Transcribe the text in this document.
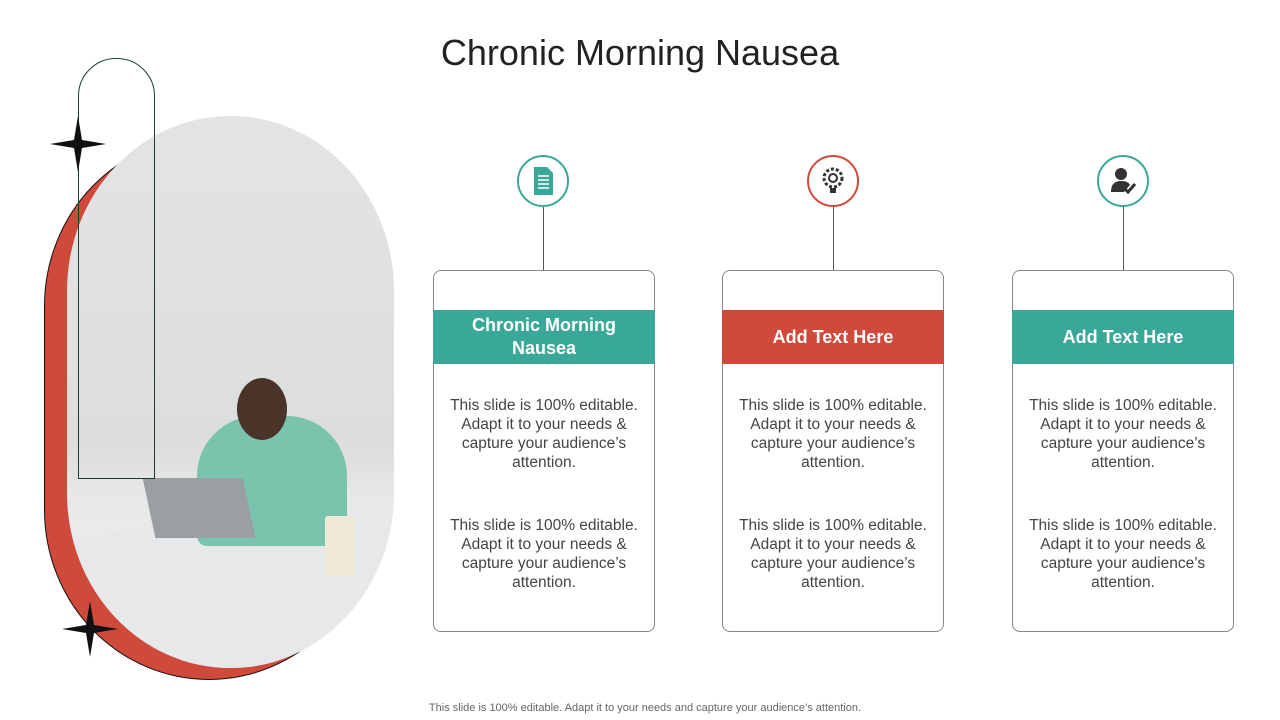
Chronic Morning Nausea
Chronic Morning Nausea
This slide is 100% editable. Adapt it to your needs & capture your audience’s attention.
This slide is 100% editable. Adapt it to your needs & capture your audience’s attention.
Add Text Here
This slide is 100% editable. Adapt it to your needs & capture your audience’s attention.
This slide is 100% editable. Adapt it to your needs & capture your audience’s attention.
Add Text Here
This slide is 100% editable. Adapt it to your needs & capture your audience’s attention.
This slide is 100% editable. Adapt it to your needs & capture your audience’s attention.
This slide is 100% editable. Adapt it to your needs and capture your audience’s attention.
